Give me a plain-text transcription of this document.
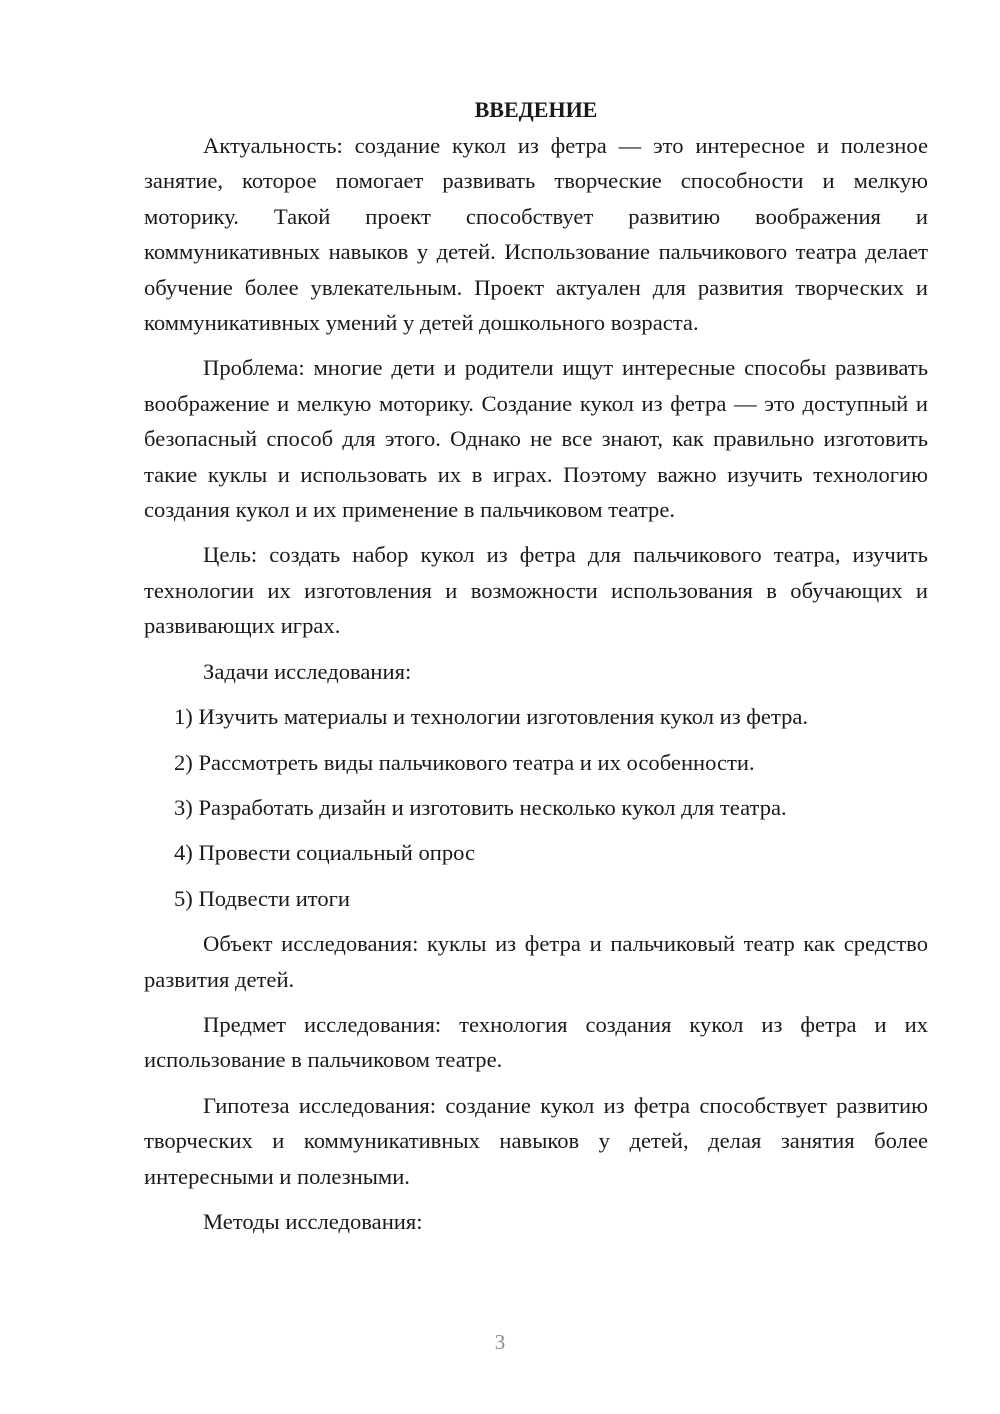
ВВЕДЕНИЕ

Актуальность: создание кукол из фетра — это интересное и полезное занятие, которое помогает развивать творческие способности и мелкую моторику. Такой проект способствует развитию воображения и коммуникативных навыков у детей. Использование пальчикового театра делает обучение более увлекательным. Проект актуален для развития творческих и коммуникативных умений у детей дошкольного возраста.

Проблема: многие дети и родители ищут интересные способы развивать воображение и мелкую моторику. Создание кукол из фетра — это доступный и безопасный способ для этого. Однако не все знают, как правильно изготовить такие куклы и использовать их в играх. Поэтому важно изучить технологию создания кукол и их применение в пальчиковом театре.

Цель: создать набор кукол из фетра для пальчикового театра, изучить технологии их изготовления и возможности использования в обучающих и развивающих играх.

Задачи исследования:

1) Изучить материалы и технологии изготовления кукол из фетра.
2) Рассмотреть виды пальчикового театра и их особенности.
3) Разработать дизайн и изготовить несколько кукол для театра.
4) Провести социальный опрос
5) Подвести итоги

Объект исследования: куклы из фетра и пальчиковый театр как средство развития детей.

Предмет исследования: технология создания кукол из фетра и их использование в пальчиковом театре.

Гипотеза исследования: создание кукол из фетра способствует развитию творческих и коммуникативных навыков у детей, делая занятия более интересными и полезными.

Методы исследования:

3
